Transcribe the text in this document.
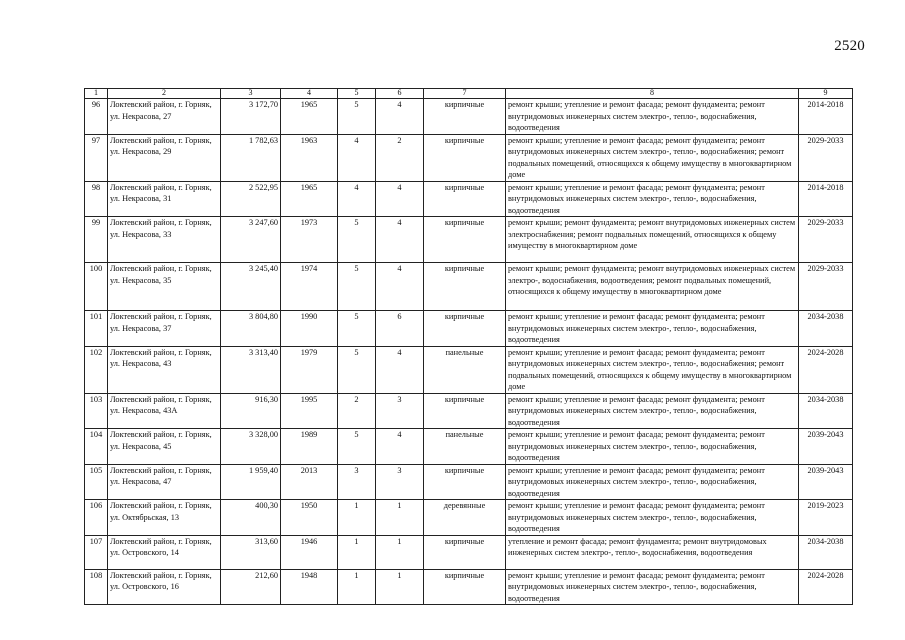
2520
1	2	3	4	5	6	7	8	9
96	Локтевский район, г. Горняк, ул. Некрасова, 27	3 172,70	1965	5	4	кирпичные	ремонт крыши; утепление и ремонт фасада; ремонт фундамента; ремонт внутридомовых инженерных систем электро-, тепло-, водоснабжения, водоотведения	2014-2018
97	Локтевский район, г. Горняк, ул. Некрасова, 29	1 782,63	1963	4	2	кирпичные	ремонт крыши; утепление и ремонт фасада; ремонт фундамента; ремонт внутридомовых инженерных систем электро-, тепло-, водоснабжения; ремонт подвальных помещений, относящихся к общему имуществу в многоквартирном доме	2029-2033
98	Локтевский район, г. Горняк, ул. Некрасова, 31	2 522,95	1965	4	4	кирпичные	ремонт крыши; утепление и ремонт фасада; ремонт фундамента; ремонт внутридомовых инженерных систем электро-, тепло-, водоснабжения, водоотведения	2014-2018
99	Локтевский район, г. Горняк, ул. Некрасова, 33	3 247,60	1973	5	4	кирпичные	ремонт крыши; ремонт фундамента; ремонт внутридомовых инженерных систем электроснабжения; ремонт подвальных помещений, относящихся к общему имуществу в многоквартирном доме	2029-2033
100	Локтевский район, г. Горняк, ул. Некрасова, 35	3 245,40	1974	5	4	кирпичные	ремонт крыши; ремонт фундамента; ремонт внутридомовых инженерных систем электро-, водоснабжения, водоотведения; ремонт подвальных помещений, относящихся к общему имуществу в многоквартирном доме	2029-2033
101	Локтевский район, г. Горняк, ул. Некрасова, 37	3 804,80	1990	5	6	кирпичные	ремонт крыши; утепление и ремонт фасада; ремонт фундамента; ремонт внутридомовых инженерных систем электро-, тепло-, водоснабжения, водоотведения	2034-2038
102	Локтевский район, г. Горняк, ул. Некрасова, 43	3 313,40	1979	5	4	панельные	ремонт крыши; утепление и ремонт фасада; ремонт фундамента; ремонт внутридомовых инженерных систем электро-, тепло-, водоснабжения; ремонт подвальных помещений, относящихся к общему имуществу в многоквартирном доме	2024-2028
103	Локтевский район, г. Горняк, ул. Некрасова, 43А	916,30	1995	2	3	кирпичные	ремонт крыши; утепление и ремонт фасада; ремонт фундамента; ремонт внутридомовых инженерных систем электро-, тепло-, водоснабжения, водоотведения	2034-2038
104	Локтевский район, г. Горняк, ул. Некрасова, 45	3 328,00	1989	5	4	панельные	ремонт крыши; утепление и ремонт фасада; ремонт фундамента; ремонт внутридомовых инженерных систем электро-, тепло-, водоснабжения, водоотведения	2039-2043
105	Локтевский район, г. Горняк, ул. Некрасова, 47	1 959,40	2013	3	3	кирпичные	ремонт крыши; утепление и ремонт фасада; ремонт фундамента; ремонт внутридомовых инженерных систем электро-, тепло-, водоснабжения, водоотведения	2039-2043
106	Локтевский район, г. Горняк, ул. Октябрьская, 13	400,30	1950	1	1	деревянные	ремонт крыши; утепление и ремонт фасада; ремонт фундамента; ремонт внутридомовых инженерных систем электро-, тепло-, водоснабжения, водоотведения	2019-2023
107	Локтевский район, г. Горняк, ул. Островского, 14	313,60	1946	1	1	кирпичные	утепление и ремонт фасада; ремонт фундамента; ремонт внутридомовых инженерных систем электро-, тепло-, водоснабжения, водоотведения	2034-2038
108	Локтевский район, г. Горняк, ул. Островского, 16	212,60	1948	1	1	кирпичные	ремонт крыши; утепление и ремонт фасада; ремонт фундамента; ремонт внутридомовых инженерных систем электро-, тепло-, водоснабжения, водоотведения	2024-2028
